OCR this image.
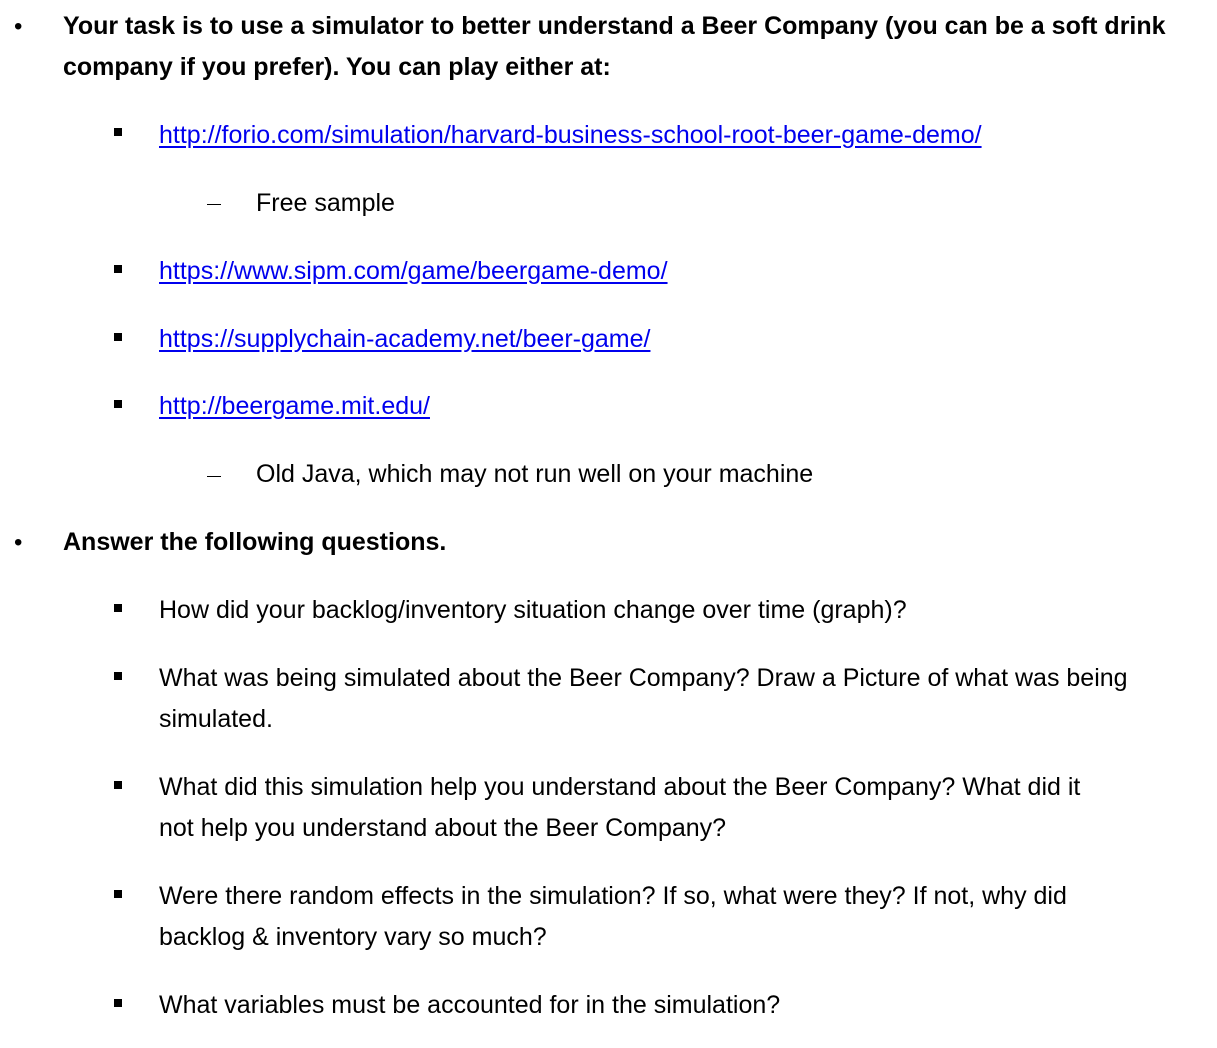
• Your task is to use a simulator to better understand a Beer Company (you can be a soft drink
company if you prefer). You can play either at:
http://forio.com/simulation/harvard-business-school-root-beer-game-demo/
Free sample
https://www.sipm.com/game/beergame-demo/
https://supplychain-academy.net/beer-game/
http://beergame.mit.edu/
Old Java, which may not run well on your machine
• Answer the following questions.
How did your backlog/inventory situation change over time (graph)?
What was being simulated about the Beer Company? Draw a Picture of what was being
simulated.
What did this simulation help you understand about the Beer Company? What did it
not help you understand about the Beer Company?
Were there random effects in the simulation? If so, what were they? If not, why did
backlog & inventory vary so much?
What variables must be accounted for in the simulation?
